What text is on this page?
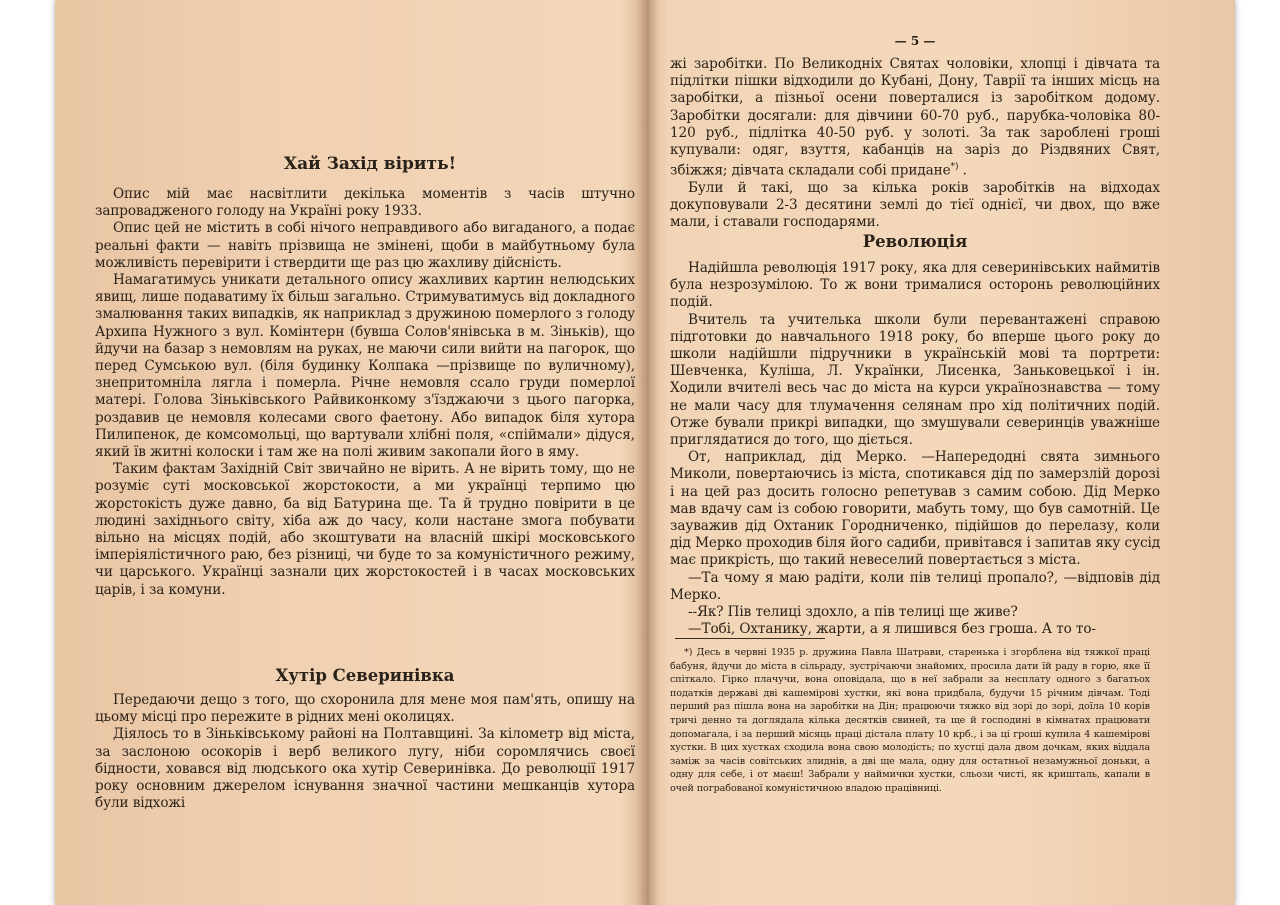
Хай Захід вірить!

Опис мій має насвітлити декілька моментів з часів штучно запровадженого голоду на Україні року 1933.

Опис цей не містить в собі нічого неправдивого або вигаданого, а подає реальні факти — навіть прізвища не змінені, щоби в майбутньому була можливість перевірити і ствердити ще раз цю жахливу дійсність.

Намагатимусь уникати детального опису жахливих картин нелюдських явищ, лише подаватиму їх більш загально. Стримуватимусь від докладного змалювання таких випадків, як наприклад з дружиною померлого з голоду Архипа Нужного з вул. Комінтерн (бувша Солов'янівська в м. Зіньків), що йдучи на базар з немовлям на руках, не маючи сили вийти на пагорок, що перед Сумською вул. (біля будинку Колпака —прізвище по вуличному), знепритомніла лягла і померла. Річне немовля ссало груди померлої матері. Голова Зіньківського Райвиконкому з'їзджаючи з цього пагорка, роздавив це немовля колесами свого фаетону. Або випадок біля хутора Пилипенок, де комсомольці, що вартували хлібні поля, «спіймали» дідуся, який їв житні колоски і там же на полі живим закопали його в яму.

Таким фактам Західній Світ звичайно не вірить. А не вірить тому, що не розуміє суті московської жорстокости, а ми українці терпимо цю жорстокість дуже давно, ба від Батурина ще. Та й трудно повірити в це людині західнього світу, хіба аж до часу, коли настане змога побувати вільно на місцях подій, або зкоштувати на власній шкірі московського імперіялістичного раю, без різниці, чи буде то за комуністичного режиму, чи царського. Українці зазнали цих жорстокостей і в часах московських царів, і за комуни.

Хутір Северинівка

Передаючи дещо з того, що схоронила для мене моя пам'ять, опишу на цьому місці про пережите в рідних мені околицях.

Діялось то в Зіньківському районі на Полтавщині. За кілометр від міста, за заслоною осокорів і верб великого лугу, ніби соромлячись своєї бідности, ховався від людського ока хутір Северинівка. До революції 1917 року основним джерелом існування значної частини мешканців хутора були відхожі

— 5 —

жі заробітки. По Великодніх Святах чоловіки, хлопці і дівчата та підлітки пішки відходили до Кубані, Дону, Таврії та інших місць на заробітки, а пізньої осени поверталися із заробітком додому. Заробітки досягали: для дівчини 60-70 руб., парубка-чоловіка 80-120 руб., підлітка 40-50 руб. у золоті. За так зароблені гроші купували: одяг, взуття, кабанців на заріз до Різдвяних Свят, збіжжя; дівчата складали собі придане*) .

Були й такі, що за кілька років заробітків на відходах докуповували 2-3 десятини землі до тієї однієї, чи двох, що вже мали, і ставали господарями.

Революція

Надійшла революція 1917 року, яка для северинівських наймитів була незрозумілою. То ж вони трималися осторонь революційних подій.

Вчитель та учителька школи були перевантажені справою підготовки до навчального 1918 року, бо вперше цього року до школи надійшли підручники в українській мові та портрети: Шевченка, Куліша, Л. Українки, Лисенка, Заньковецької і ін. Ходили вчителі весь час до міста на курси українознавства — тому не мали часу для тлумачення селянам про хід політичних подій. Отже бували прикрі випадки, що змушували северинців уважніше приглядатися до того, що діється.

От, наприклад, дід Мерко. —Напередодні свята зимнього Миколи, повертаючись із міста, спотикався дід по замерзлій дорозі і на цей раз досить голосно репетував з самим собою. Дід Мерко мав вдачу сам із собою говорити, мабуть тому, що був самотній. Це зауважив дід Охтаник Городниченко, підійшов до перелазу, коли дід Мерко проходив біля його садиби, привітався і запитав яку сусід має прикрість, що такий невеселий повертається з міста.

—Та чому я маю радіти, коли пів телиці пропало?, —відповів дід Мерко.

--Як? Пів телиці здохло, а пів телиці ще живе?

—Тобі, Охтанику, жарти, а я лишився без гроша. А то то-

*) Десь в червні 1935 р. дружина Павла Шатрави, старенька і згорблена від тяжкої праці бабуня, йдучи до міста в сільраду, зустрічаючи знайомих, просила дати їй раду в горю, яке її спіткало. Гірко плачучи, вона оповідала, що в неї забрали за несплату одного з багатьох податків державі дві кашемірові хустки, які вона придбала, будучи 15 річним дівчам. Тоді перший раз пішла вона на заробітки на Дін; працюючи тяжко від зорі до зорі, доїла 10 корів тричі денно та доглядала кілька десятків свиней, та ще й господині в кімнатах працювати допомагала, і за перший місяць праці дістала плату 10 крб., і за ці гроші купила 4 кашемірові хустки. В цих хустках сходила вона свою молодість; по хустці дала двом дочкам, яких віддала заміж за часів совітських злиднів, а дві ще мала, одну для остатньої незамужньої доньки, а одну для себе, і от маєш! Забрали у наймички хустки, сльози чисті, як кришталь, капали в очей пограбованої комуністичною владою працівниці.
